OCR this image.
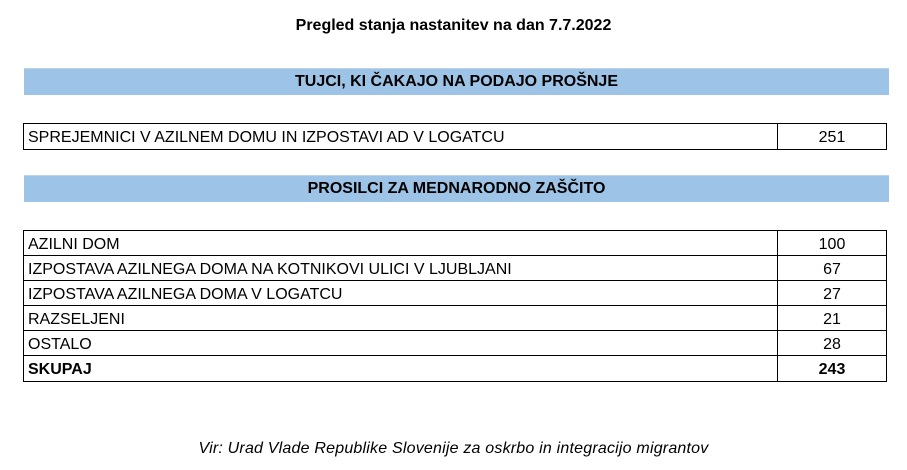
Pregled stanja nastanitev na dan 7.7.2022
TUJCI, KI ČAKAJO NA PODAJO PROŠNJE
SPREJEMNICI V AZILNEM DOMU IN IZPOSTAVI AD V LOGATCU	251
PROSILCI ZA MEDNARODNO ZAŠČITO
AZILNI DOM	100
IZPOSTAVA AZILNEGA DOMA NA KOTNIKOVI ULICI V LJUBLJANI	67
IZPOSTAVA AZILNEGA DOMA V LOGATCU	27
RAZSELJENI	21
OSTALO	28
SKUPAJ	243
Vir: Urad Vlade Republike Slovenije za oskrbo in integracijo migrantov
